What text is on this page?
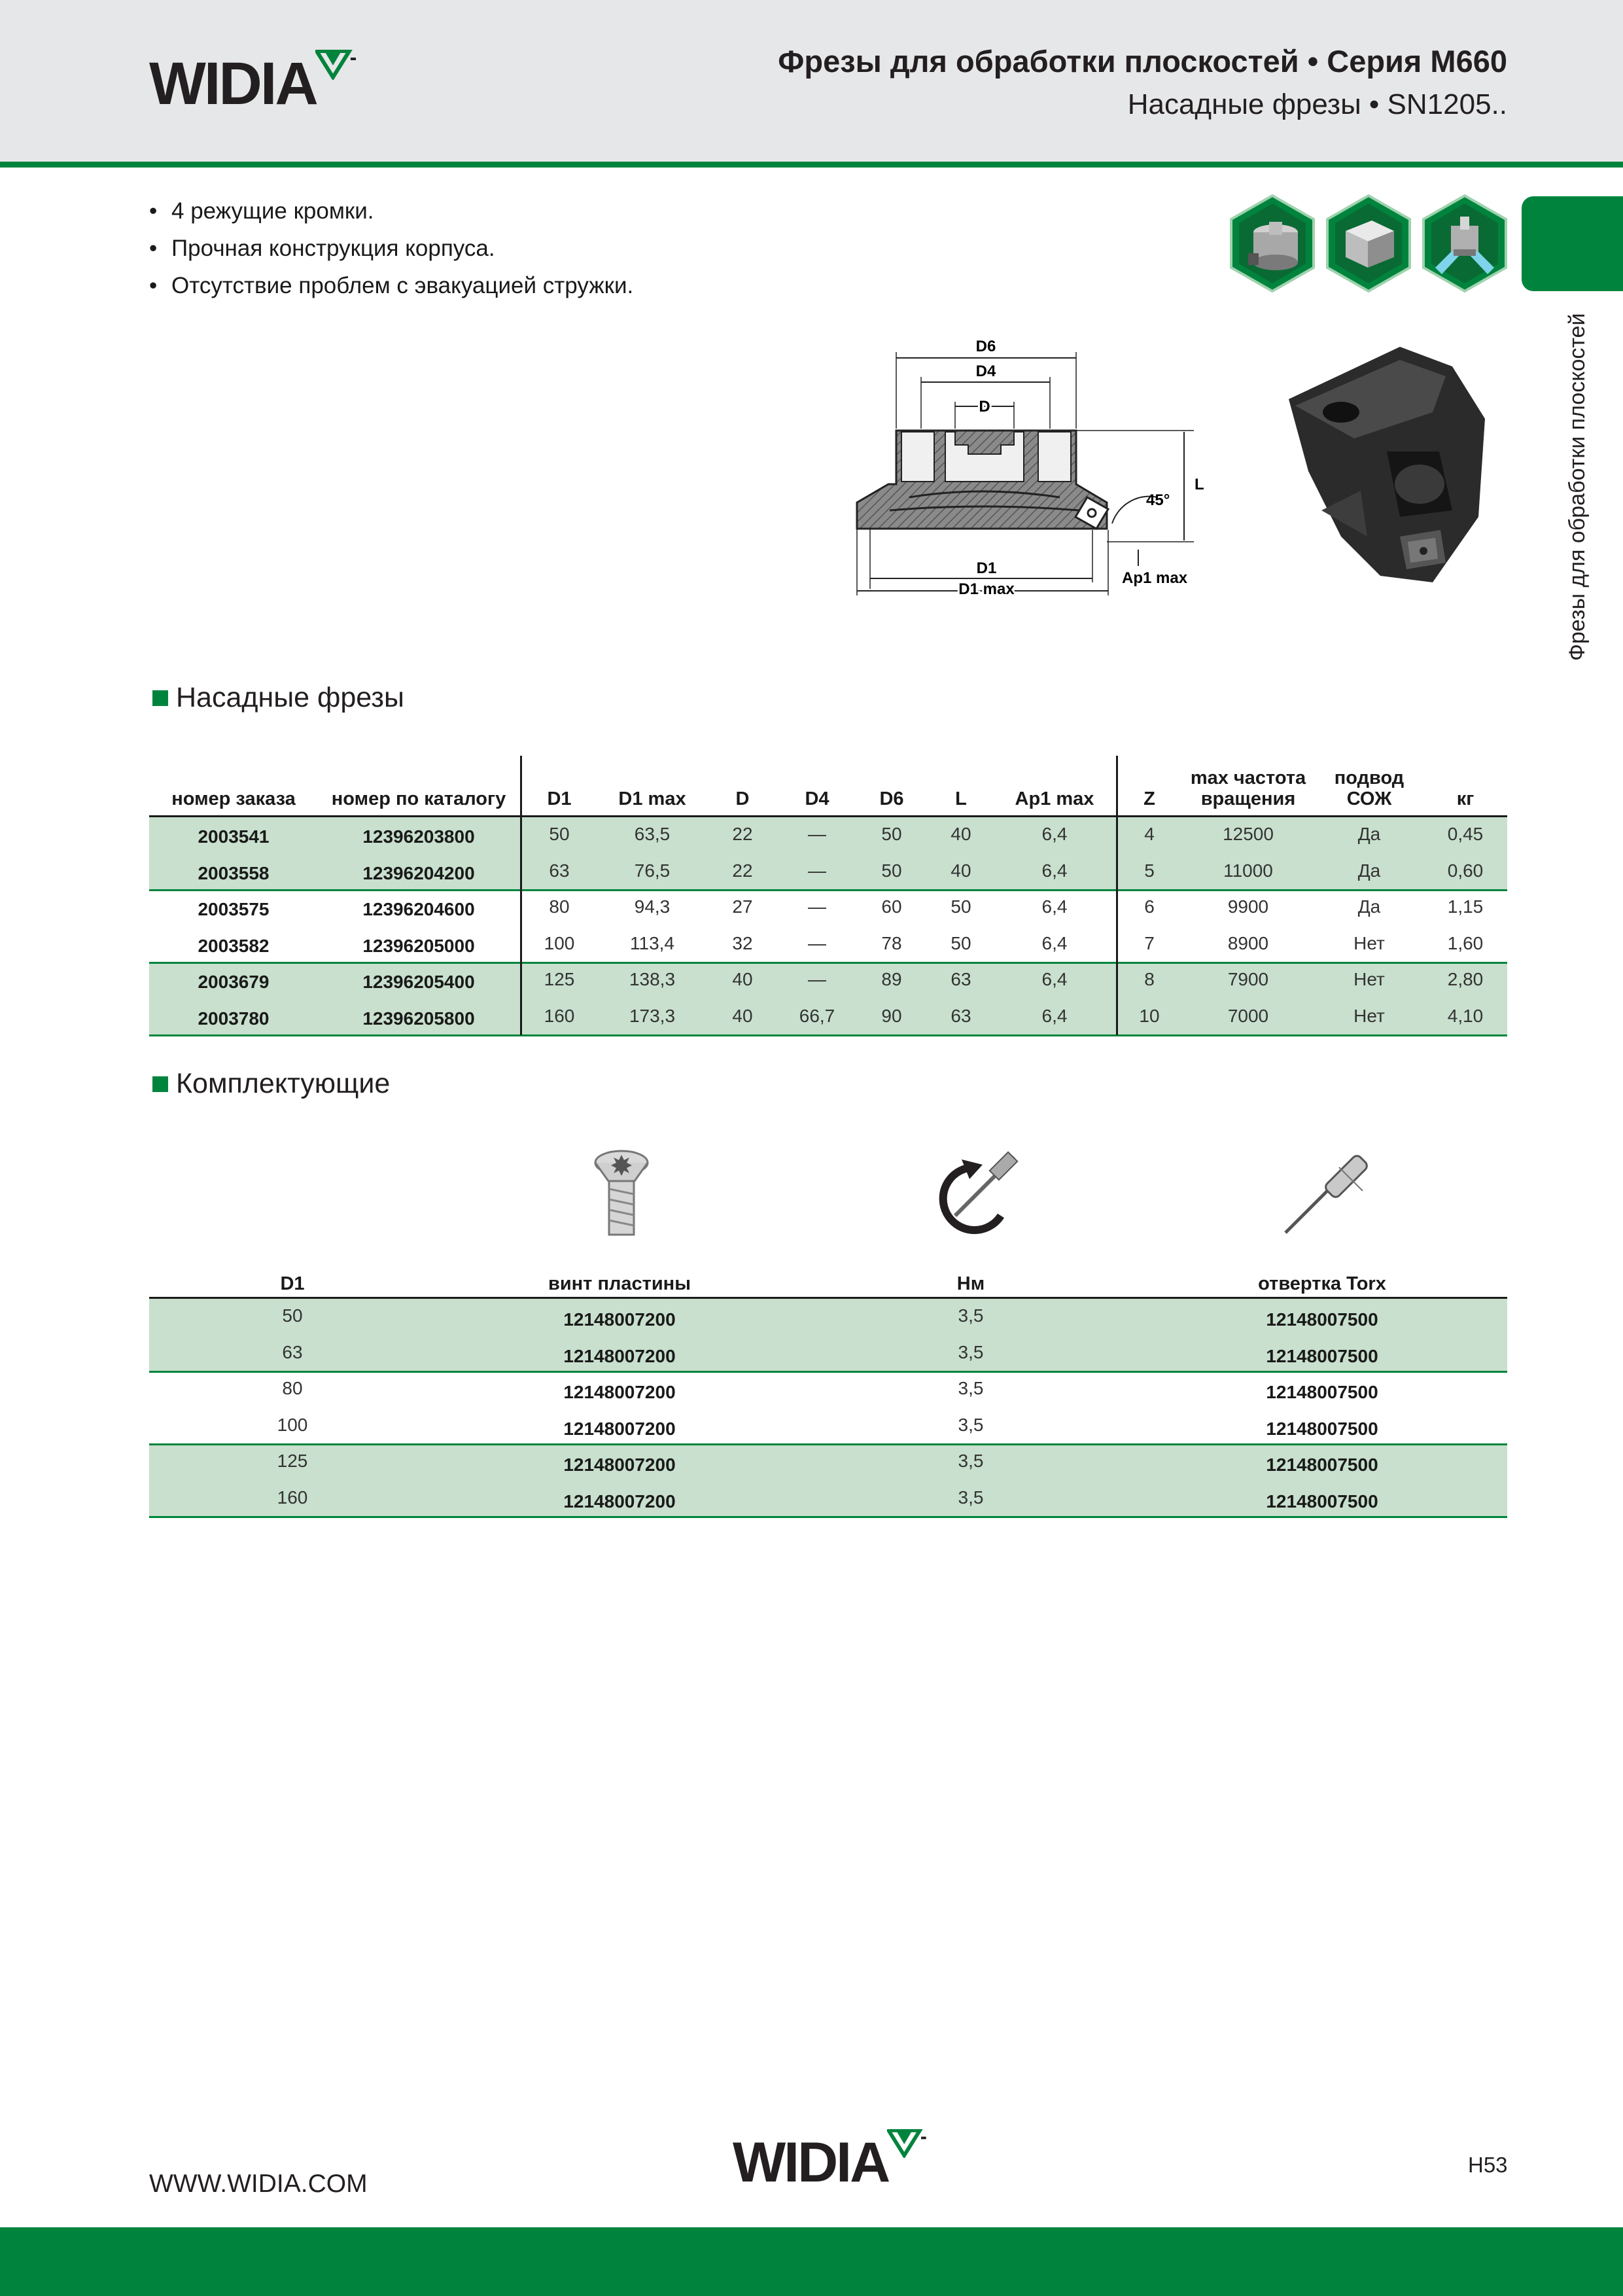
WIDIA	Фрезы для обработки плоскостей • Серия M660
Насадные фрезы • SN1205..
• 4 режущие кромки.
• Прочная конструкция корпуса.
• Отсутствие проблем с эвакуацией стружки.
Фрезы для обработки плоскостей
D6
D4
D
L
45°
D1
D1 max
Ap1 max
Насадные фрезы
номер заказа	номер по каталогу	D1	D1 max	D	D4	D6	L	Ap1 max	Z
max частота
вращения
подвод
СОЖ	кг
2003541	12396203800	50	63,5	22	—	50	40	6,4	4	12500	Да	0,45
2003558	12396204200	63	76,5	22	—	50	40	6,4	5	11000	Да	0,60
2003575	12396204600	80	94,3	27	—	60	50	6,4	6	9900	Да	1,15
2003582	12396205000	100	113,4	32	—	78	50	6,4	7	8900	Нет	1,60
2003679	12396205400	125	138,3	40	—	89	63	6,4	8	7900	Нет	2,80
2003780	12396205800	160	173,3	40	66,7	90	63	6,4	10	7000	Нет	4,10
Комплектующие
D1	винт пластины	Нм	отвертка Torx
50	12148007200	3,5	12148007500
63	12148007200	3,5	12148007500
80	12148007200	3,5	12148007500
100	12148007200	3,5	12148007500
125	12148007200	3,5	12148007500
160	12148007200	3,5	12148007500
WWW.WIDIA.COM	WIDIA	H53
